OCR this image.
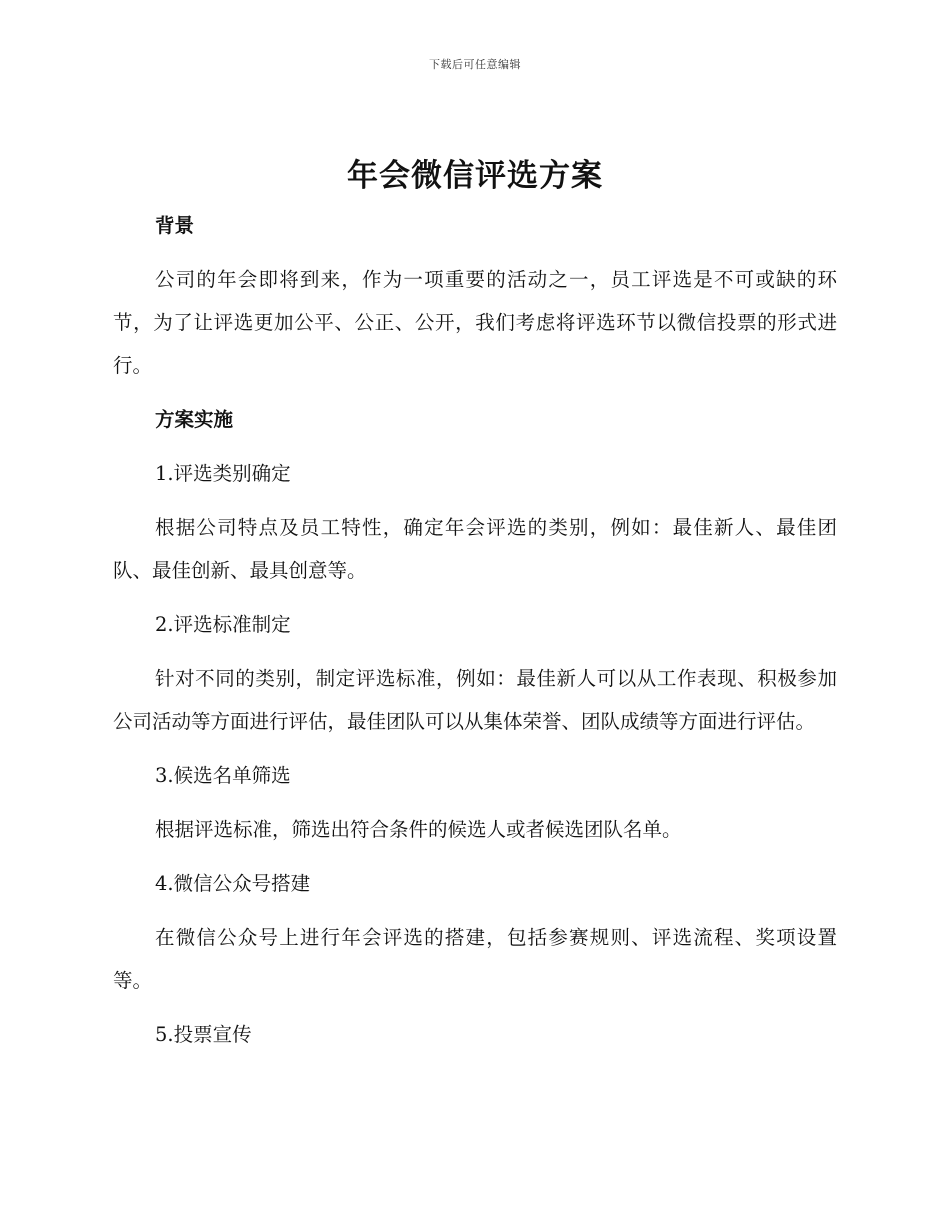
下载后可任意编辑
年会微信评选方案

背景

公司的年会即将到来，作为一项重要的活动之一，员工评选是不可或缺的环节，为了让评选更加公平、公正、公开，我们考虑将评选环节以微信投票的形式进行。

方案实施

1.评选类别确定

根据公司特点及员工特性，确定年会评选的类别，例如：最佳新人、最佳团队、最佳创新、最具创意等。

2.评选标准制定

针对不同的类别，制定评选标准，例如：最佳新人可以从工作表现、积极参加公司活动等方面进行评估，最佳团队可以从集体荣誉、团队成绩等方面进行评估。

3.候选名单筛选

根据评选标准，筛选出符合条件的候选人或者候选团队名单。

4.微信公众号搭建

在微信公众号上进行年会评选的搭建，包括参赛规则、评选流程、奖项设置等。

5.投票宣传
